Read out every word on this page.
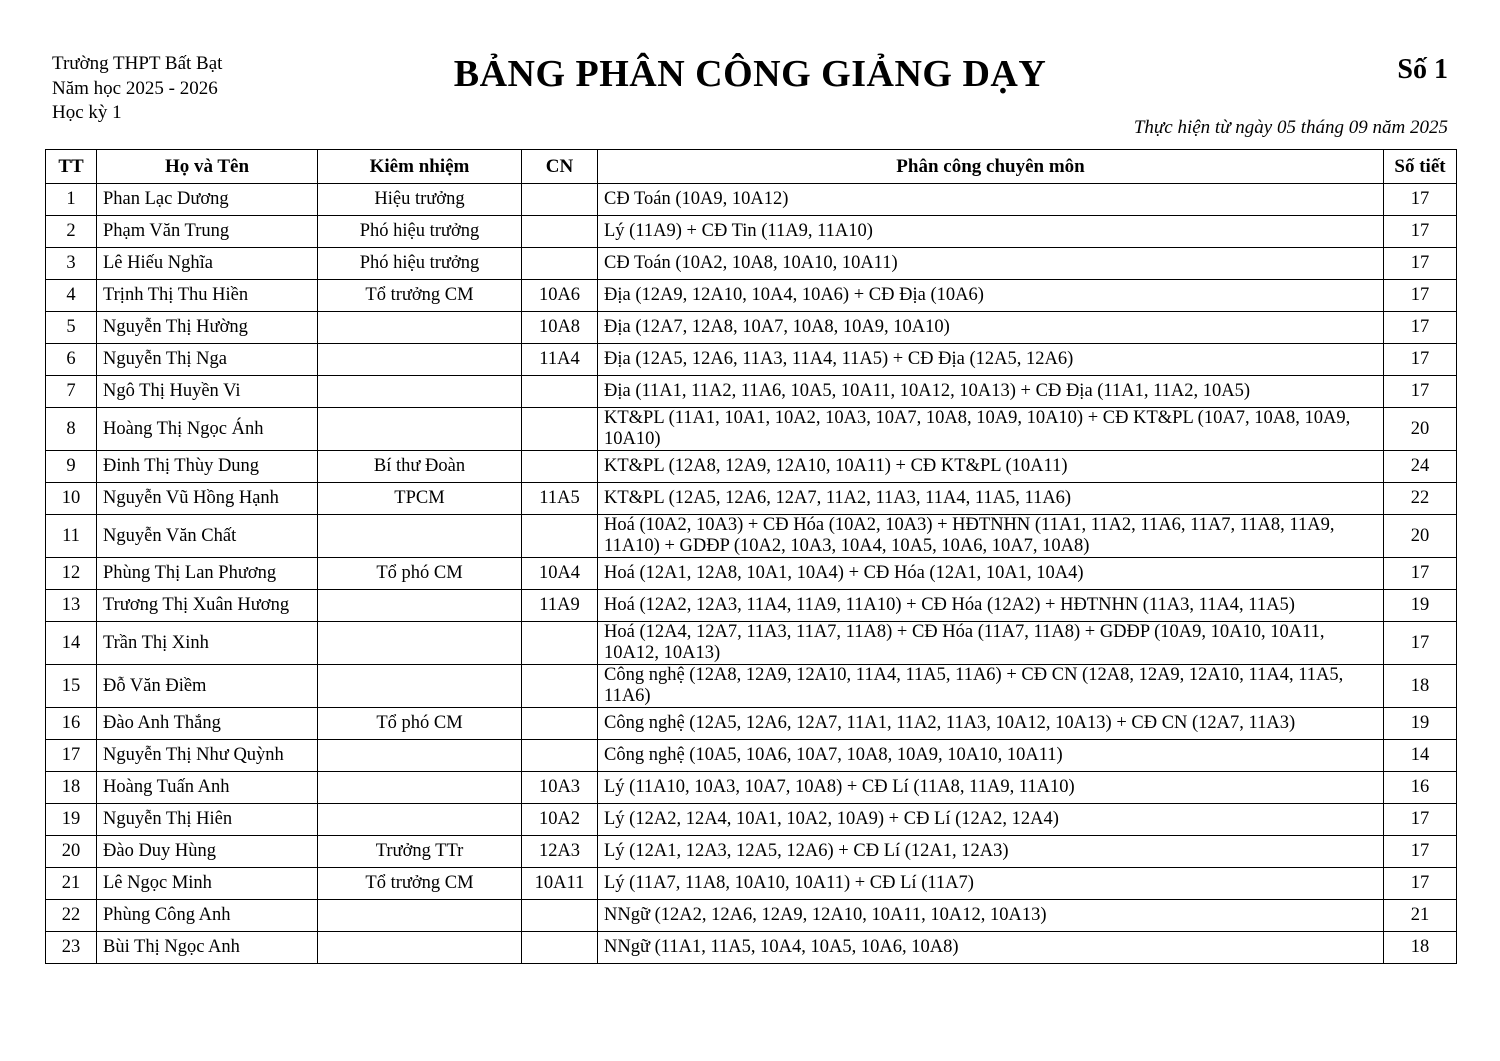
Trường THPT Bất Bạt
Năm học 2025 - 2026
Học kỳ 1
BẢNG PHÂN CÔNG GIẢNG DẠY	Số 1
Thực hiện từ ngày 05 tháng 09 năm 2025
TT	Họ và Tên	Kiêm nhiệm	CN	Phân công chuyên môn	Số tiết
1	Phan Lạc Dương	Hiệu trưởng		CĐ Toán (10A9, 10A12)	17
2	Phạm Văn Trung	Phó hiệu trưởng		Lý (11A9) + CĐ Tin (11A9, 11A10)	17
3	Lê Hiếu Nghĩa	Phó hiệu trưởng		CĐ Toán (10A2, 10A8, 10A10, 10A11)	17
4	Trịnh Thị Thu Hiền	Tổ trưởng CM	10A6	Địa (12A9, 12A10, 10A4, 10A6) + CĐ Địa (10A6)	17
5	Nguyễn Thị Hường		10A8	Địa (12A7, 12A8, 10A7, 10A8, 10A9, 10A10)	17
6	Nguyễn Thị Nga		11A4	Địa (12A5, 12A6, 11A3, 11A4, 11A5) + CĐ Địa (12A5, 12A6)	17
7	Ngô Thị Huyền Vi			Địa (11A1, 11A2, 11A6, 10A5, 10A11, 10A12, 10A13) + CĐ Địa (11A1, 11A2, 10A5)	17
8	Hoàng Thị Ngọc Ánh			KT&PL (11A1, 10A1, 10A2, 10A3, 10A7, 10A8, 10A9, 10A10) + CĐ KT&PL (10A7, 10A8, 10A9, 10A10)	20
9	Đinh Thị Thùy Dung	Bí thư Đoàn		KT&PL (12A8, 12A9, 12A10, 10A11) + CĐ KT&PL (10A11)	24
10	Nguyễn Vũ Hồng Hạnh	TPCM	11A5	KT&PL (12A5, 12A6, 12A7, 11A2, 11A3, 11A4, 11A5, 11A6)	22
11	Nguyễn Văn Chất			Hoá (10A2, 10A3) + CĐ Hóa (10A2, 10A3) + HĐTNHN (11A1, 11A2, 11A6, 11A7, 11A8, 11A9, 11A10) + GDĐP (10A2, 10A3, 10A4, 10A5, 10A6, 10A7, 10A8)	20
12	Phùng Thị Lan Phương	Tổ phó CM	10A4	Hoá (12A1, 12A8, 10A1, 10A4) + CĐ Hóa (12A1, 10A1, 10A4)	17
13	Trương Thị Xuân Hương		11A9	Hoá (12A2, 12A3, 11A4, 11A9, 11A10) + CĐ Hóa (12A2) + HĐTNHN (11A3, 11A4, 11A5)	19
14	Trần Thị Xinh			Hoá (12A4, 12A7, 11A3, 11A7, 11A8) + CĐ Hóa (11A7, 11A8) + GDĐP (10A9, 10A10, 10A11, 10A12, 10A13)	17
15	Đỗ Văn Điềm			Công nghệ (12A8, 12A9, 12A10, 11A4, 11A5, 11A6) + CĐ CN (12A8, 12A9, 12A10, 11A4, 11A5, 11A6)	18
16	Đào Anh Thắng	Tổ phó CM		Công nghệ (12A5, 12A6, 12A7, 11A1, 11A2, 11A3, 10A12, 10A13) + CĐ CN (12A7, 11A3)	19
17	Nguyễn Thị Như Quỳnh			Công nghệ (10A5, 10A6, 10A7, 10A8, 10A9, 10A10, 10A11)	14
18	Hoàng Tuấn Anh		10A3	Lý (11A10, 10A3, 10A7, 10A8) + CĐ Lí (11A8, 11A9, 11A10)	16
19	Nguyễn Thị Hiên		10A2	Lý (12A2, 12A4, 10A1, 10A2, 10A9) + CĐ Lí (12A2, 12A4)	17
20	Đào Duy Hùng	Trưởng TTr	12A3	Lý (12A1, 12A3, 12A5, 12A6) + CĐ Lí (12A1, 12A3)	17
21	Lê Ngọc Minh	Tổ trưởng CM	10A11	Lý (11A7, 11A8, 10A10, 10A11) + CĐ Lí (11A7)	17
22	Phùng Công Anh			NNgữ (12A2, 12A6, 12A9, 12A10, 10A11, 10A12, 10A13)	21
23	Bùi Thị Ngọc Anh			NNgữ (11A1, 11A5, 10A4, 10A5, 10A6, 10A8)	18
